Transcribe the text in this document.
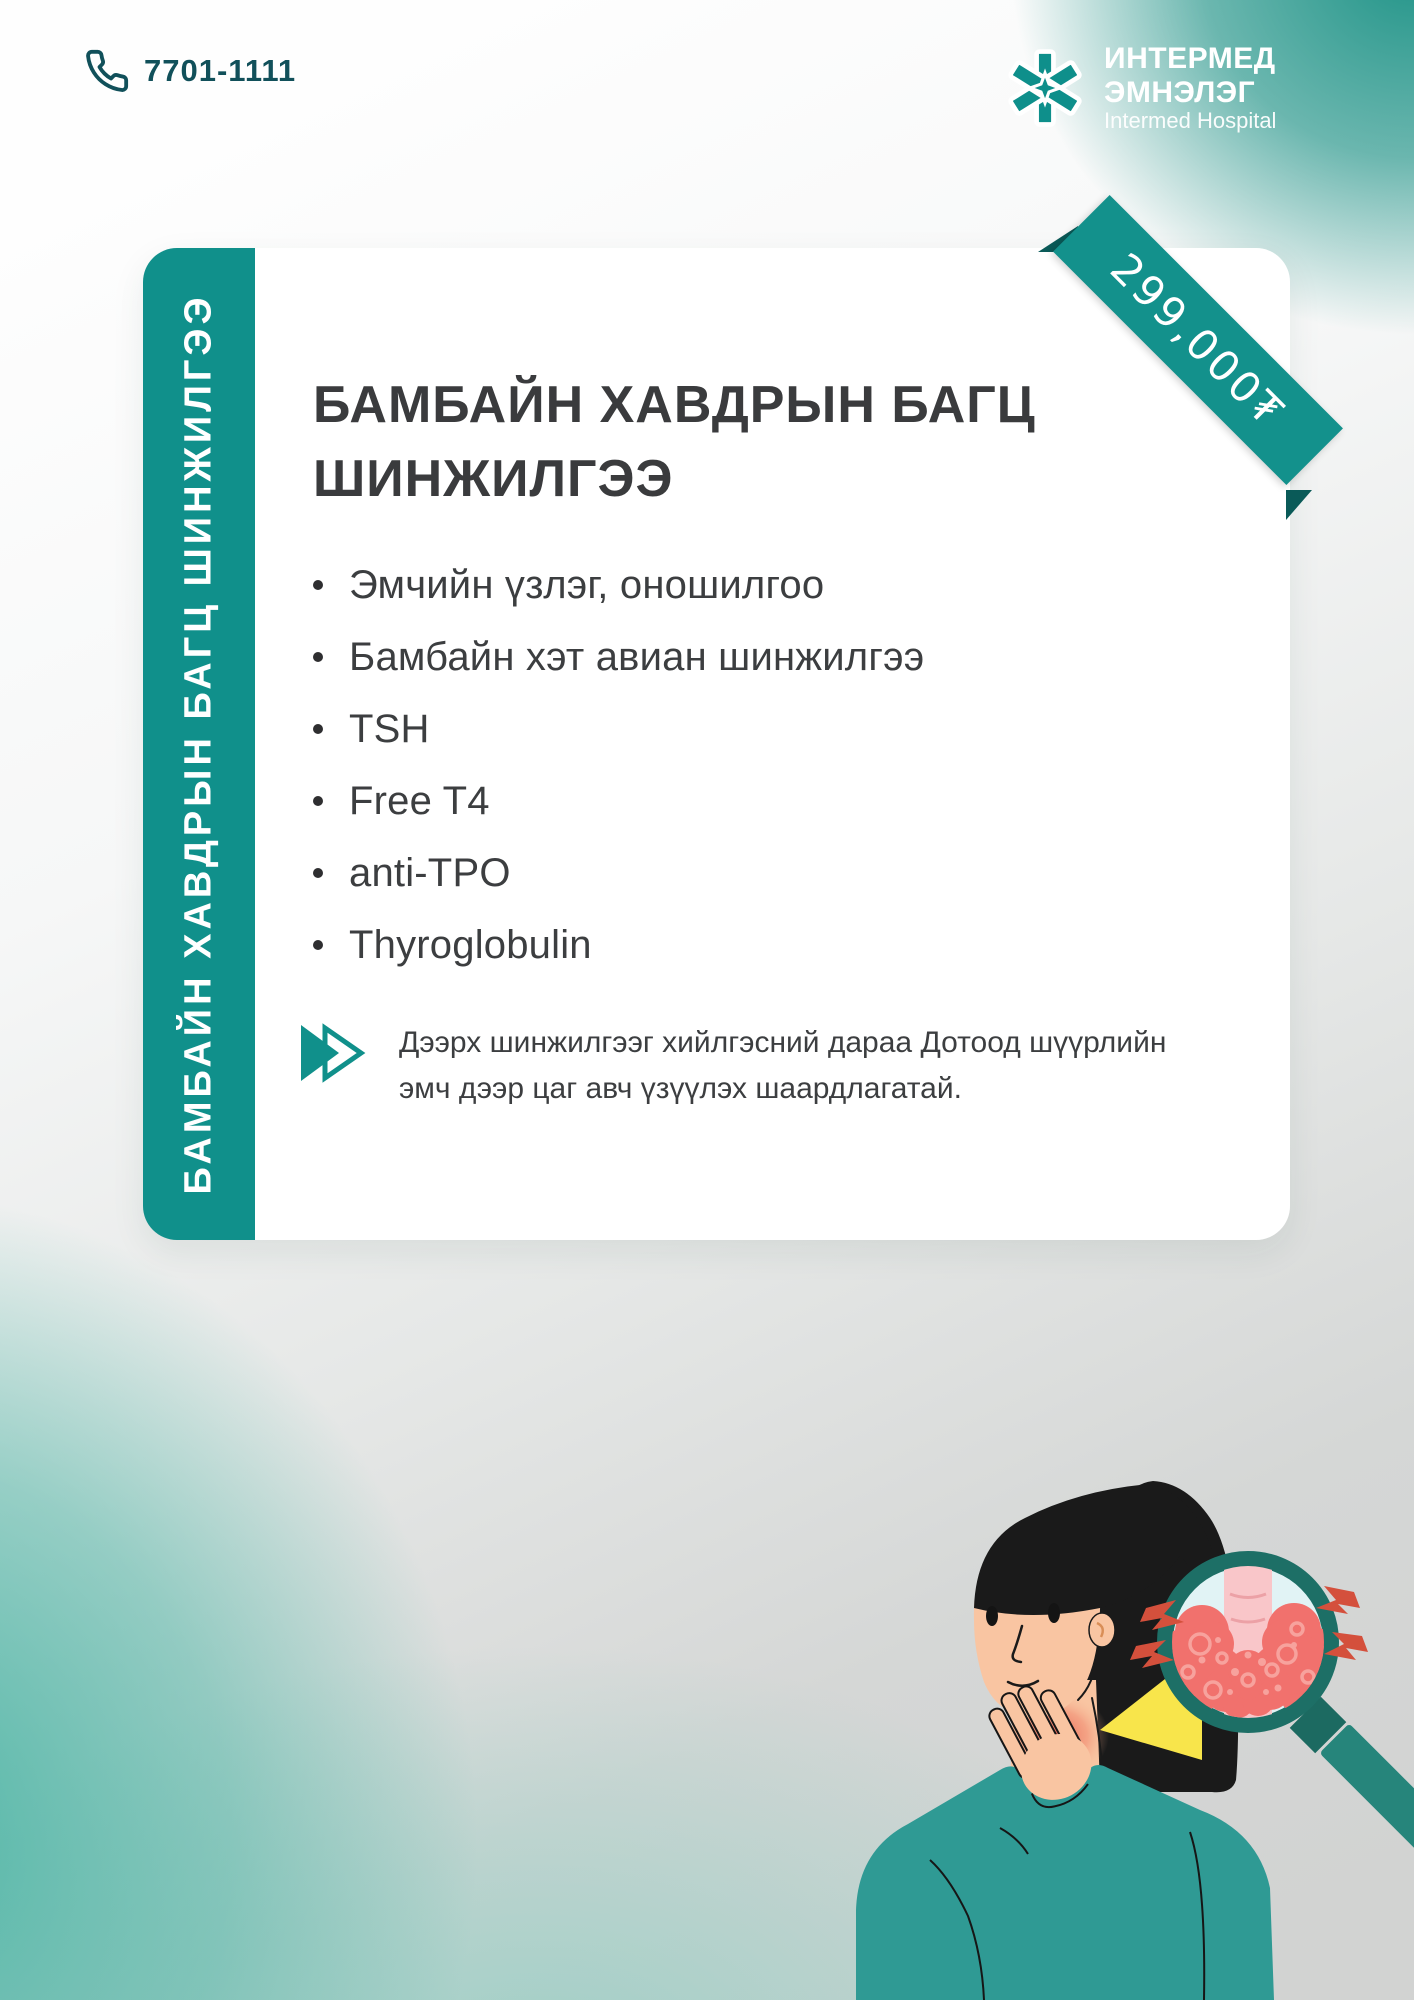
7701-1111	ИНТЕРМЕД ЭМНЭЛЭГ
Intermed Hospital
БАМБАЙН ХАВДРЫН БАГЦ ШИНЖИЛГЭЭ БАМБАЙН ХАВДРЫН БАГЦ ШИНЖИЛГЭЭ
Эмчийн үзлэг, оношилгоо
Бамбайн хэт авиан шинжилгээ
TSH
Free T4
anti-TPO
Thyroglobulin
Дээрх шинжилгээг хийлгэсний дараа Дотоод шүүрлийн
эмч дээр цаг авч үзүүлэх шаардлагатай.
299,000₮
